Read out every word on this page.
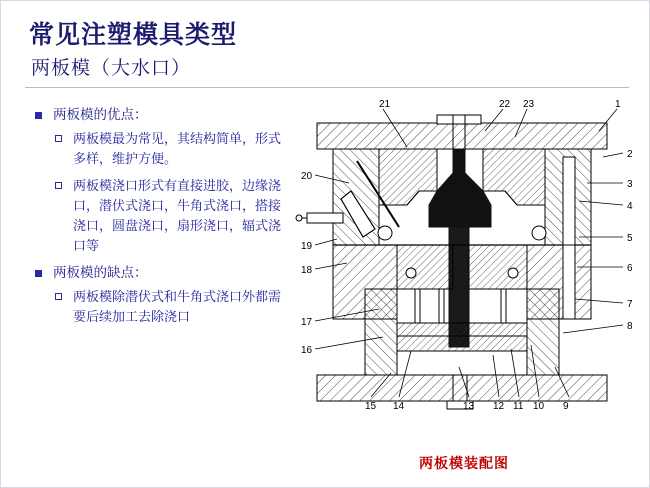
常见注塑模具类型
两板模（大水口）
两板模的优点：
两板模最为常见，其结构简单，形式多样，维护方便。
两板模浇口形式有直接进胶，边缘浇口，潜伏式浇口，牛角式浇口，搭接浇口，圆盘浇口，扇形浇口，辐式浇口等
两板模的缺点：
两板模除潜伏式和牛角式浇口外都需要后续加工去除浇口
21	22 23	1
2
3
4
5
6
7
8
20
19
18
17
16
15 14	13 12 11 10 9
两板模装配图
